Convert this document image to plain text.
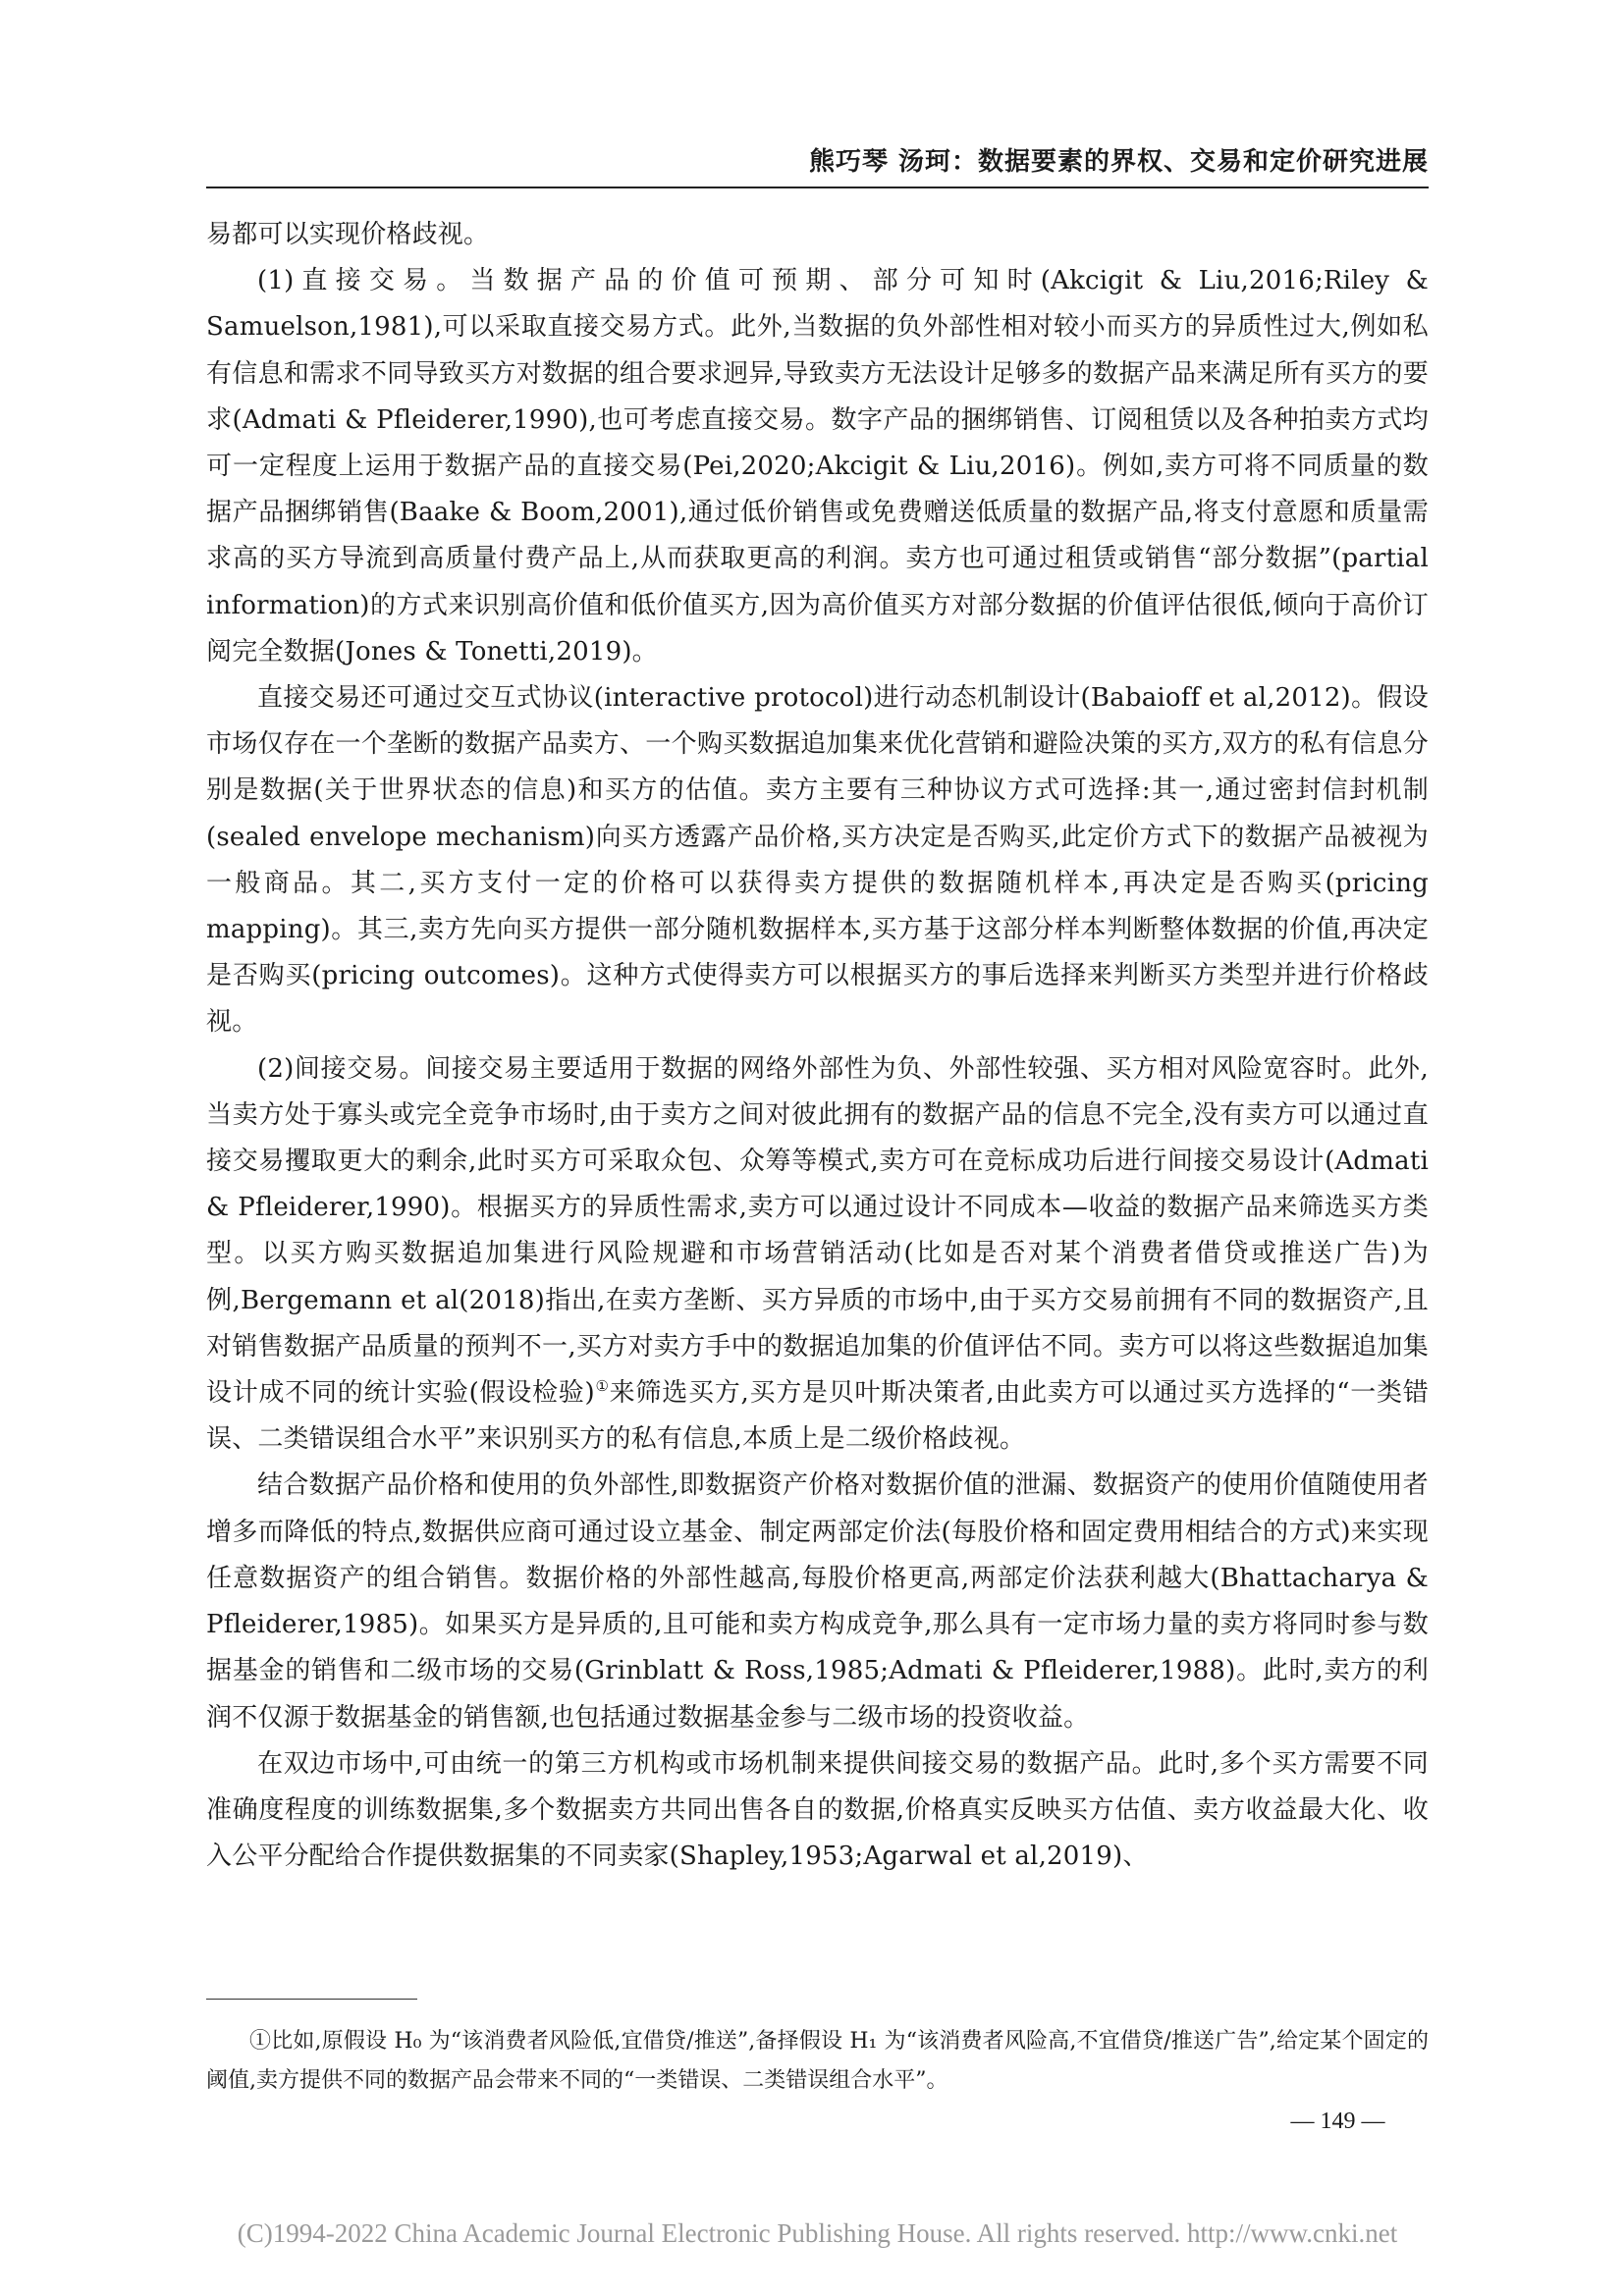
熊巧琴 汤珂：数据要素的界权、交易和定价研究进展

易都可以实现价格歧视。

(1)直接交易。当数据产品的价值可预期、部分可知时(Akcigit & Liu,2016;Riley & Samuelson,1981),可以采取直接交易方式。此外,当数据的负外部性相对较小而买方的异质性过大,例如私有信息和需求不同导致买方对数据的组合要求迥异,导致卖方无法设计足够多的数据产品来满足所有买方的要求(Admati & Pfleiderer,1990),也可考虑直接交易。数字产品的捆绑销售、订阅租赁以及各种拍卖方式均可一定程度上运用于数据产品的直接交易(Pei,2020;Akcigit & Liu,2016)。例如,卖方可将不同质量的数据产品捆绑销售(Baake & Boom,2001),通过低价销售或免费赠送低质量的数据产品,将支付意愿和质量需求高的买方导流到高质量付费产品上,从而获取更高的利润。卖方也可通过租赁或销售“部分数据”(partial information)的方式来识别高价值和低价值买方,因为高价值买方对部分数据的价值评估很低,倾向于高价订阅完全数据(Jones & Tonetti,2019)。

直接交易还可通过交互式协议(interactive protocol)进行动态机制设计(Babaioff et al,2012)。假设市场仅存在一个垄断的数据产品卖方、一个购买数据追加集来优化营销和避险决策的买方,双方的私有信息分别是数据(关于世界状态的信息)和买方的估值。卖方主要有三种协议方式可选择:其一,通过密封信封机制(sealed envelope mechanism)向买方透露产品价格,买方决定是否购买,此定价方式下的数据产品被视为一般商品。其二,买方支付一定的价格可以获得卖方提供的数据随机样本,再决定是否购买(pricing mapping)。其三,卖方先向买方提供一部分随机数据样本,买方基于这部分样本判断整体数据的价值,再决定是否购买(pricing outcomes)。这种方式使得卖方可以根据买方的事后选择来判断买方类型并进行价格歧视。

(2)间接交易。间接交易主要适用于数据的网络外部性为负、外部性较强、买方相对风险宽容时。此外,当卖方处于寡头或完全竞争市场时,由于卖方之间对彼此拥有的数据产品的信息不完全,没有卖方可以通过直接交易攫取更大的剩余,此时买方可采取众包、众筹等模式,卖方可在竞标成功后进行间接交易设计(Admati & Pfleiderer,1990)。根据买方的异质性需求,卖方可以通过设计不同成本—收益的数据产品来筛选买方类型。以买方购买数据追加集进行风险规避和市场营销活动(比如是否对某个消费者借贷或推送广告)为例,Bergemann et al(2018)指出,在卖方垄断、买方异质的市场中,由于买方交易前拥有不同的数据资产,且对销售数据产品质量的预判不一,买方对卖方手中的数据追加集的价值评估不同。卖方可以将这些数据追加集设计成不同的统计实验(假设检验)①来筛选买方,买方是贝叶斯决策者,由此卖方可以通过买方选择的“一类错误、二类错误组合水平”来识别买方的私有信息,本质上是二级价格歧视。

结合数据产品价格和使用的负外部性,即数据资产价格对数据价值的泄漏、数据资产的使用价值随使用者增多而降低的特点,数据供应商可通过设立基金、制定两部定价法(每股价格和固定费用相结合的方式)来实现任意数据资产的组合销售。数据价格的外部性越高,每股价格更高,两部定价法获利越大(Bhattacharya & Pfleiderer,1985)。如果买方是异质的,且可能和卖方构成竞争,那么具有一定市场力量的卖方将同时参与数据基金的销售和二级市场的交易(Grinblatt & Ross,1985;Admati & Pfleiderer,1988)。此时,卖方的利润不仅源于数据基金的销售额,也包括通过数据基金参与二级市场的投资收益。

在双边市场中,可由统一的第三方机构或市场机制来提供间接交易的数据产品。此时,多个买方需要不同准确度程度的训练数据集,多个数据卖方共同出售各自的数据,价格真实反映买方估值、卖方收益最大化、收入公平分配给合作提供数据集的不同卖家(Shapley,1953;Agarwal et al,2019)、

①比如,原假设 H₀ 为“该消费者风险低,宜借贷/推送”,备择假设 H₁ 为“该消费者风险高,不宜借贷/推送广告”,给定某个固定的阈值,卖方提供不同的数据产品会带来不同的“一类错误、二类错误组合水平”。

— 149 —
(C)1994-2022 China Academic Journal Electronic Publishing House. All rights reserved. http://www.cnki.net
